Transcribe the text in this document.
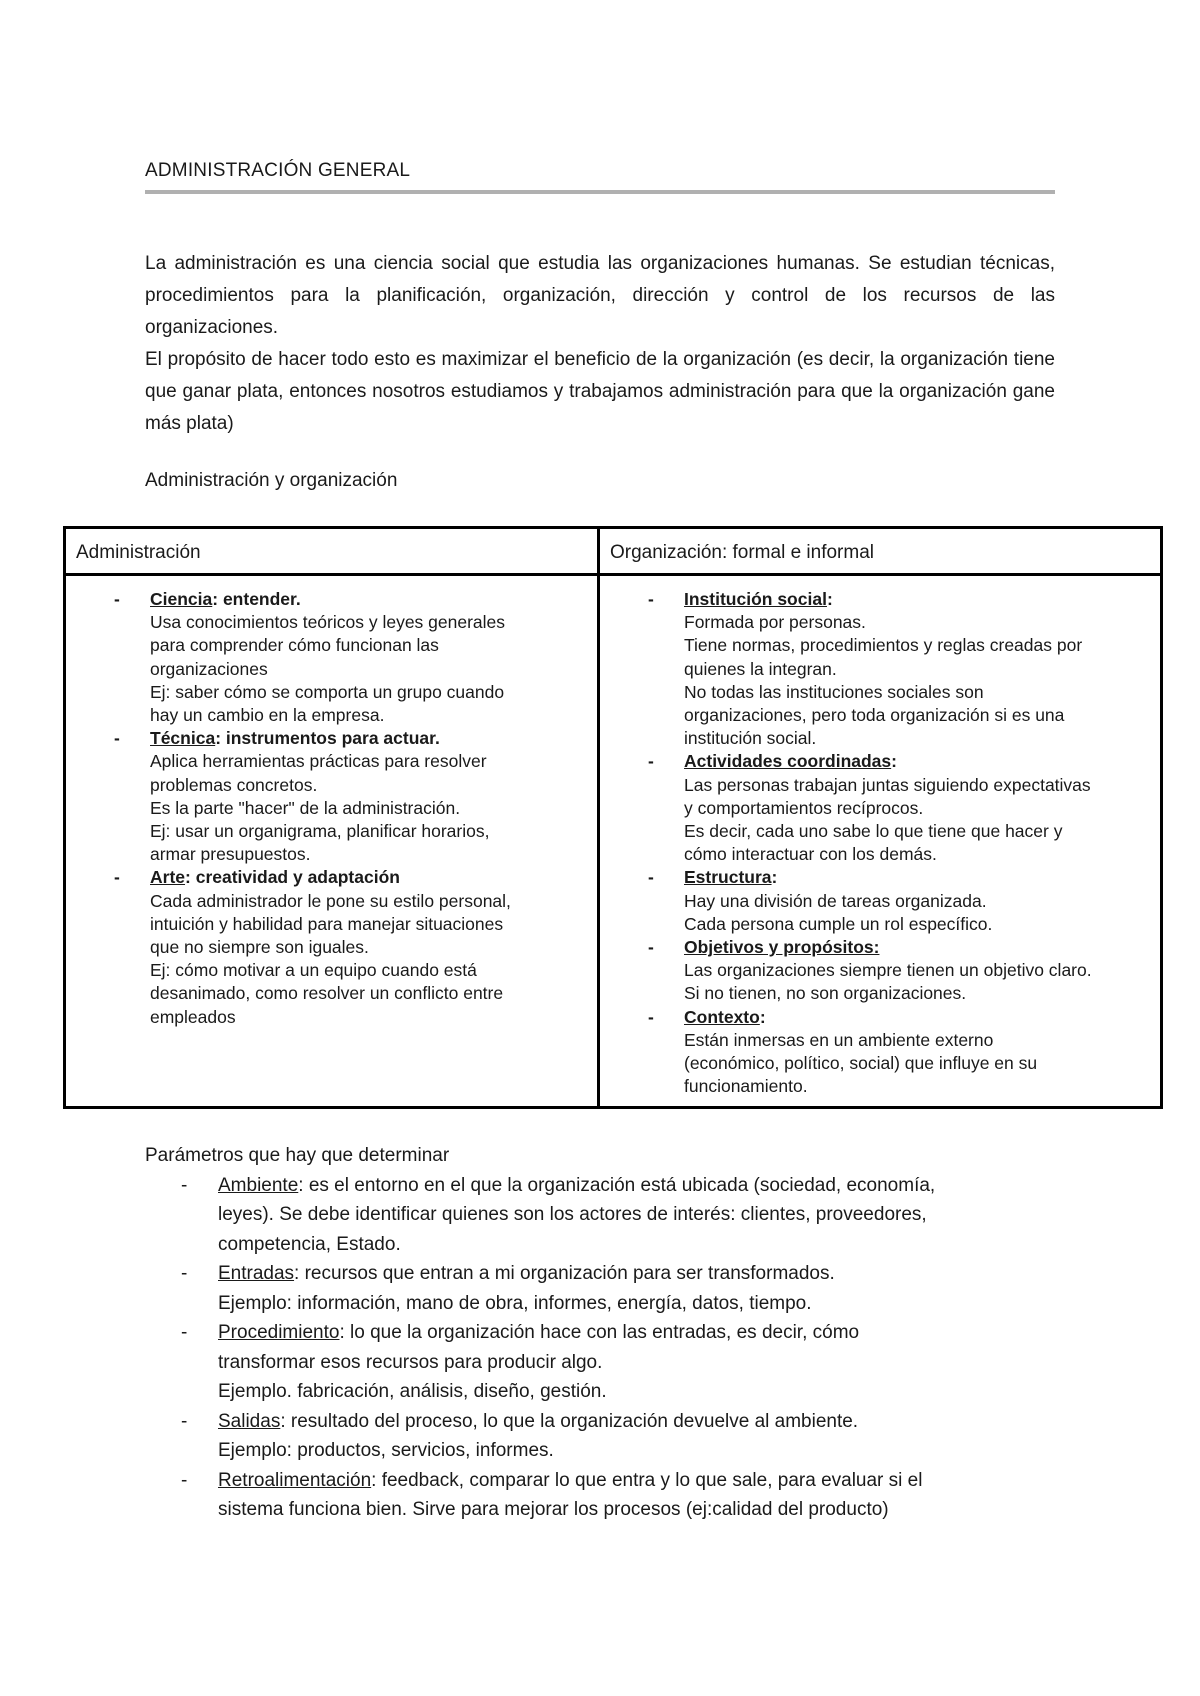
ADMINISTRACIÓN GENERAL

La administración es una ciencia social que estudia las organizaciones humanas. Se estudian técnicas, procedimientos para la planificación, organización, dirección y control de los recursos de las organizaciones.

El propósito de hacer todo esto es maximizar el beneficio de la organización (es decir, la organización tiene que ganar plata, entonces nosotros estudiamos y trabajamos administración para que la organización gane más plata)

Administración y organización
Administración	Organización: formal e informal
- Ciencia: entender.
Usa conocimientos teóricos y leyes generales
para comprender cómo funcionan las
organizaciones
Ej: saber cómo se comporta un grupo cuando
hay un cambio en la empresa.
- Técnica: instrumentos para actuar.
Aplica herramientas prácticas para resolver
problemas concretos.
Es la parte "hacer" de la administración.
Ej: usar un organigrama, planificar horarios,
armar presupuestos.
- Arte: creatividad y adaptación
Cada administrador le pone su estilo personal,
intuición y habilidad para manejar situaciones
que no siempre son iguales.
Ej: cómo motivar a un equipo cuando está
desanimado, como resolver un conflicto entre
empleados
- Institución social:
Formada por personas.
Tiene normas, procedimientos y reglas creadas por
quienes la integran.
No todas las instituciones sociales son
organizaciones, pero toda organización si es una
institución social.
- Actividades coordinadas:
Las personas trabajan juntas siguiendo expectativas
y comportamientos recíprocos.
Es decir, cada uno sabe lo que tiene que hacer y
cómo interactuar con los demás.
- Estructura:
Hay una división de tareas organizada.
Cada persona cumple un rol específico.
- Objetivos y propósitos:
Las organizaciones siempre tienen un objetivo claro.
Si no tienen, no son organizaciones.
- Contexto:
Están inmersas en un ambiente externo
(económico, político, social) que influye en su
funcionamiento.
Parámetros que hay que determinar
- Ambiente: es el entorno en el que la organización está ubicada (sociedad, economía,
leyes). Se debe identificar quienes son los actores de interés: clientes, proveedores,
competencia, Estado.
- Entradas: recursos que entran a mi organización para ser transformados.
Ejemplo: información, mano de obra, informes, energía, datos, tiempo.
- Procedimiento: lo que la organización hace con las entradas, es decir, cómo
transformar esos recursos para producir algo.
Ejemplo. fabricación, análisis, diseño, gestión.
- Salidas: resultado del proceso, lo que la organización devuelve al ambiente.
Ejemplo: productos, servicios, informes.
- Retroalimentación: feedback, comparar lo que entra y lo que sale, para evaluar si el
sistema funciona bien. Sirve para mejorar los procesos (ej:calidad del producto)
